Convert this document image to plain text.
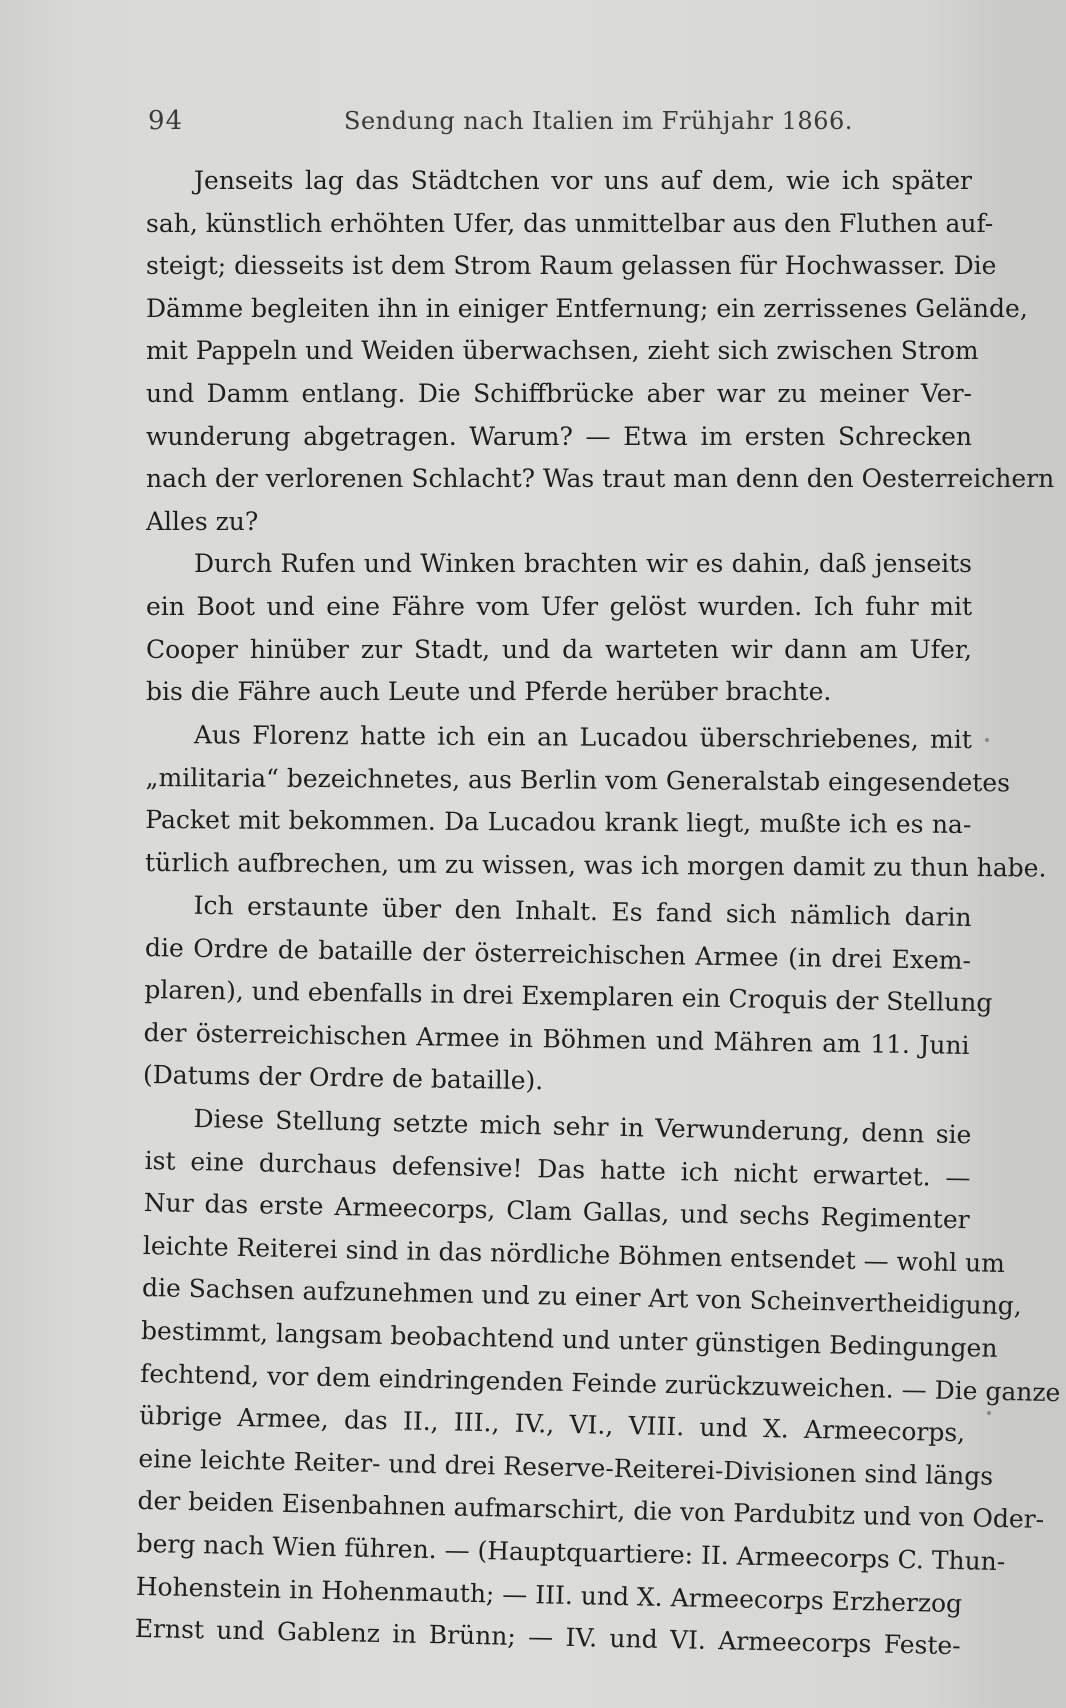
94	Sendung nach Italien im Frühjahr 1866.
Jenseits lag das Städtchen vor uns auf dem, wie ich später
sah, künstlich erhöhten Ufer, das unmittelbar aus den Fluthen auf-
steigt; diesseits ist dem Strom Raum gelassen für Hochwasser. Die
Dämme begleiten ihn in einiger Entfernung; ein zerrissenes Gelände,
mit Pappeln und Weiden überwachsen, zieht sich zwischen Strom
und Damm entlang. Die Schiffbrücke aber war zu meiner Ver-
wunderung abgetragen. Warum? — Etwa im ersten Schrecken
nach der verlorenen Schlacht? Was traut man denn den Oesterreichern
Alles zu?
Durch Rufen und Winken brachten wir es dahin, daß jenseits
ein Boot und eine Fähre vom Ufer gelöst wurden. Ich fuhr mit
Cooper hinüber zur Stadt, und da warteten wir dann am Ufer,
bis die Fähre auch Leute und Pferde herüber brachte.
Aus Florenz hatte ich ein an Lucadou überschriebenes, mit
„militaria“ bezeichnetes, aus Berlin vom Generalstab eingesendetes
Packet mit bekommen. Da Lucadou krank liegt, mußte ich es na-
türlich aufbrechen, um zu wissen, was ich morgen damit zu thun habe.
Ich erstaunte über den Inhalt. Es fand sich nämlich darin
die Ordre de bataille der österreichischen Armee (in drei Exem-
plaren), und ebenfalls in drei Exemplaren ein Croquis der Stellung
der österreichischen Armee in Böhmen und Mähren am 11. Juni
(Datums der Ordre de bataille).
Diese Stellung setzte mich sehr in Verwunderung, denn sie
ist eine durchaus defensive! Das hatte ich nicht erwartet. —
Nur das erste Armeecorps, Clam Gallas, und sechs Regimenter
leichte Reiterei sind in das nördliche Böhmen entsendet — wohl um
die Sachsen aufzunehmen und zu einer Art von Scheinvertheidigung,
bestimmt, langsam beobachtend und unter günstigen Bedingungen
fechtend, vor dem eindringenden Feinde zurückzuweichen. — Die ganze
übrige Armee, das II., III., IV., VI., VIII. und X. Armeecorps,
eine leichte Reiter- und drei Reserve-Reiterei-Divisionen sind längs
der beiden Eisenbahnen aufmarschirt, die von Pardubitz und von Oder-
berg nach Wien führen. — (Hauptquartiere: II. Armeecorps C. Thun-
Hohenstein in Hohenmauth; — III. und X. Armeecorps Erzherzog
Ernst und Gablenz in Brünn; — IV. und VI. Armeecorps Feste-
